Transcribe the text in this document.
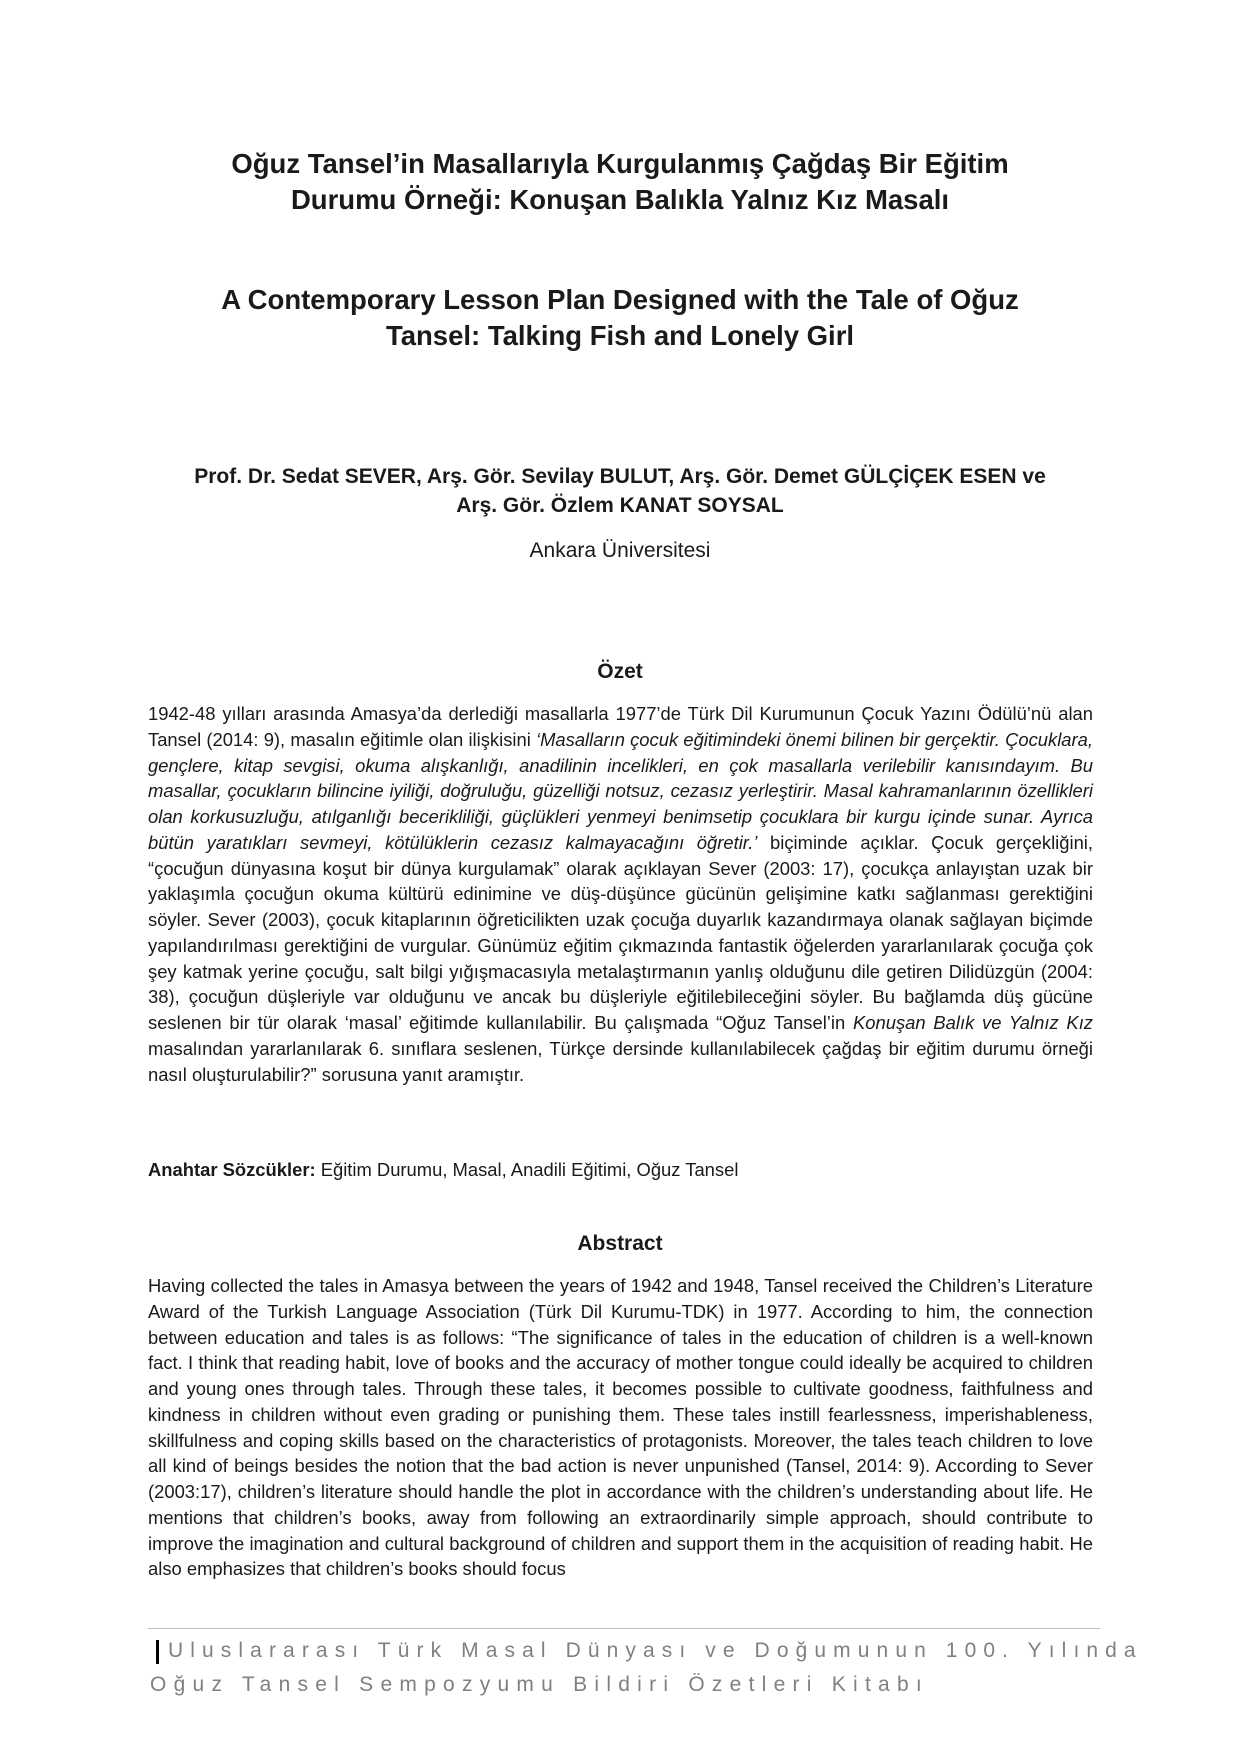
Oğuz Tansel’in Masallarıyla Kurgulanmış Çağdaş Bir Eğitim
Durumu Örneği: Konuşan Balıkla Yalnız Kız Masalı
A Contemporary Lesson Plan Designed with the Tale of Oğuz
Tansel: Talking Fish and Lonely Girl
Prof. Dr. Sedat SEVER, Arş. Gör. Sevilay BULUT, Arş. Gör. Demet GÜLÇİÇEK ESEN ve
Arş. Gör. Özlem KANAT SOYSAL
Ankara Üniversitesi
Özet

1942-48 yılları arasında Amasya’da derlediği masallarla 1977’de Türk Dil Kurumunun Çocuk Yazını Ödülü’nü alan Tansel (2014: 9), masalın eğitimle olan ilişkisini ‘Masalların çocuk eğitimindeki önemi bilinen bir gerçektir. Çocuklara, gençlere, kitap sevgisi, okuma alışkanlığı, anadilinin incelikleri, en çok masallarla verilebilir kanısındayım. Bu masallar, çocukların bilincine iyiliği, doğruluğu, güzelliği notsuz, cezasız yerleştirir. Masal kahramanlarının özellikleri olan korkusuzluğu, atılganlığı becerikliliği, güçlükleri yenmeyi benimsetip çocuklara bir kurgu içinde sunar. Ayrıca bütün yaratıkları sevmeyi, kötülüklerin cezasız kalmayacağını öğretir.’ biçiminde açıklar. Çocuk gerçekliğini, “çocuğun dünyasına koşut bir dünya kurgulamak” olarak açıklayan Sever (2003: 17), çocukça anlayıştan uzak bir yaklaşımla çocuğun okuma kültürü edinimine ve düş-düşünce gücünün gelişimine katkı sağlanması gerektiğini söyler. Sever (2003), çocuk kitaplarının öğreticilikten uzak çocuğa duyarlık kazandırmaya olanak sağlayan biçimde yapılandırılması gerektiğini de vurgular. Günümüz eğitim çıkmazında fantastik öğelerden yararlanılarak çocuğa çok şey katmak yerine çocuğu, salt bilgi yığışmacasıyla metalaştırmanın yanlış olduğunu dile getiren Dilidüzgün (2004: 38), çocuğun düşleriyle var olduğunu ve ancak bu düşleriyle eğitilebileceğini söyler. Bu bağlamda düş gücüne seslenen bir tür olarak ‘masal’ eğitimde kullanılabilir. Bu çalışmada “Oğuz Tansel’in Konuşan Balık ve Yalnız Kız masalından yararlanılarak 6. sınıflara seslenen, Türkçe dersinde kullanılabilecek çağdaş bir eğitim durumu örneği nasıl oluşturulabilir?” sorusuna yanıt aramıştır.

Anahtar Sözcükler: Eğitim Durumu, Masal, Anadili Eğitimi, Oğuz Tansel

Abstract

Having collected the tales in Amasya between the years of 1942 and 1948, Tansel received the Children’s Literature Award of the Turkish Language Association (Türk Dil Kurumu-TDK) in 1977. According to him, the connection between education and tales is as follows: “The significance of tales in the education of children is a well-known fact. I think that reading habit, love of books and the accuracy of mother tongue could ideally be acquired to children and young ones through tales. Through these tales, it becomes possible to cultivate goodness, faithfulness and kindness in children without even grading or punishing them. These tales instill fearlessness, imperishableness, skillfulness and coping skills based on the characteristics of protagonists. Moreover, the tales teach children to love all kind of beings besides the notion that the bad action is never unpunished (Tansel, 2014: 9). According to Sever (2003:17), children’s literature should handle the plot in accordance with the children’s understanding about life. He mentions that children’s books, away from following an extraordinarily simple approach, should contribute to improve the imagination and cultural background of children and support them in the acquisition of reading habit. He also emphasizes that children’s books should focus

Uluslararası Türk Masal Dünyası ve Doğumunun 100. Yılında
Oğuz Tansel Sempozyumu Bildiri Özetleri Kitabı
